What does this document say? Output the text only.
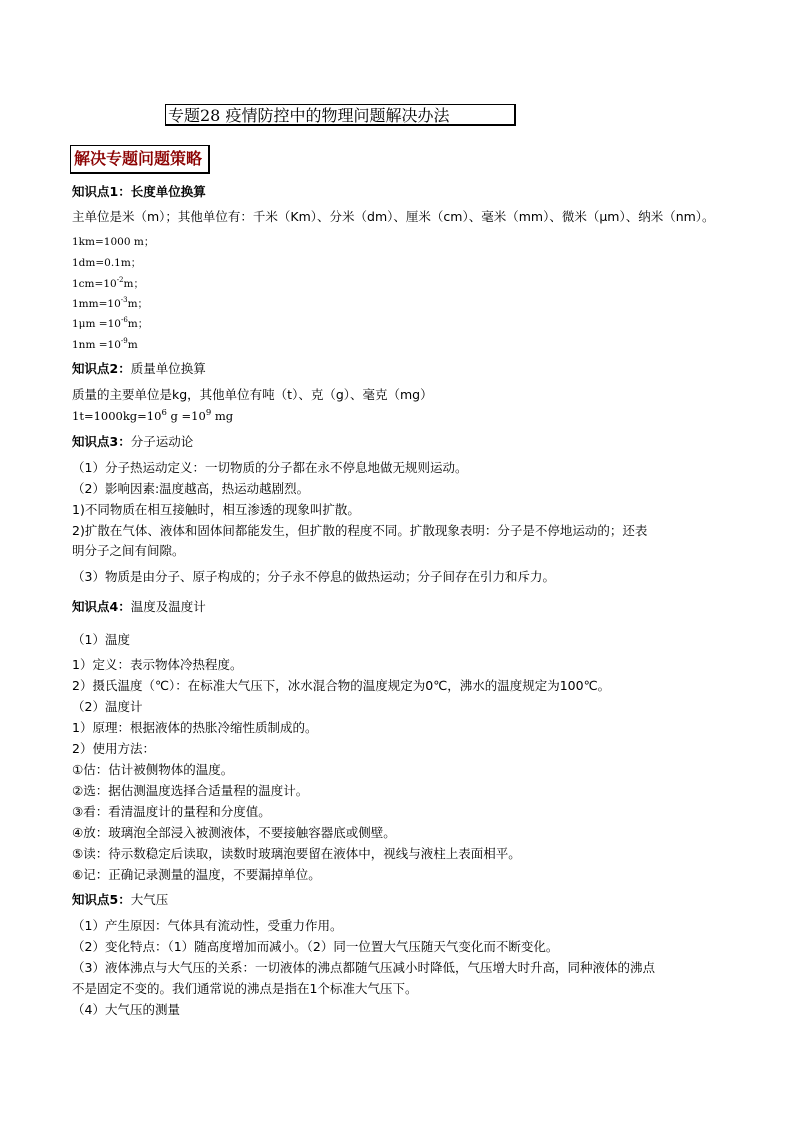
专题28 疫情防控中的物理问题解决办法
解决专题问题策略
知识点1：长度单位换算
主单位是米（m）；其他单位有：千米（Km）、分米（dm）、厘米（cm）、毫米（mm）、微米（μm）、纳米（nm）。
1km=1000 m；
1dm=0.1m；
$1cm=10^{-2}m$；
$1mm=10^{-3}m$；
$1\mu m =10^{-6}m$；
$1nm =10^{-9}m$
知识点2：质量单位换算
质量的主要单位是kg，其他单位有吨（t）、克（g）、毫克（mg）
$1t=1000kg=10^6$ $g =10^9$ mg
知识点3：分子运动论
（1）分子热运动定义：一切物质的分子都在永不停息地做无规则运动。
（2）影响因素:温度越高，热运动越剧烈。
1)不同物质在相互接触时，相互渗透的现象叫扩散。
2)扩散在气体、液体和固体间都能发生，但扩散的程度不同。扩散现象表明：分子是不停地运动的；还表
明分子之间有间隙。
（3）物质是由分子、原子构成的；分子永不停息的做热运动；分子间存在引力和斥力。
知识点4：温度及温度计
（1）温度
1）定义：表示物体冷热程度。
2）摄氏温度（℃）：在标准大气压下，冰水混合物的温度规定为0℃，沸水的温度规定为100℃。
（2）温度计
1）原理：根据液体的热胀冷缩性质制成的。
2）使用方法：
①估：估计被侧物体的温度。
②选：据估测温度选择合适量程的温度计。
③看：看清温度计的量程和分度值。
④放：玻璃泡全部浸入被测液体，不要接触容器底或侧壁。
⑤读：待示数稳定后读取，读数时玻璃泡要留在液体中，视线与液柱上表面相平。
⑥记：正确记录测量的温度，不要漏掉单位。
知识点5：大气压
（1）产生原因：气体具有流动性，受重力作用。
（2）变化特点：（1）随高度增加而减小。（2）同一位置大气压随天气变化而不断变化。
（3）液体沸点与大气压的关系：一切液体的沸点都随气压减小时降低，气压增大时升高，同种液体的沸点
不是固定不变的。我们通常说的沸点是指在1个标准大气压下。
（4）大气压的测量
